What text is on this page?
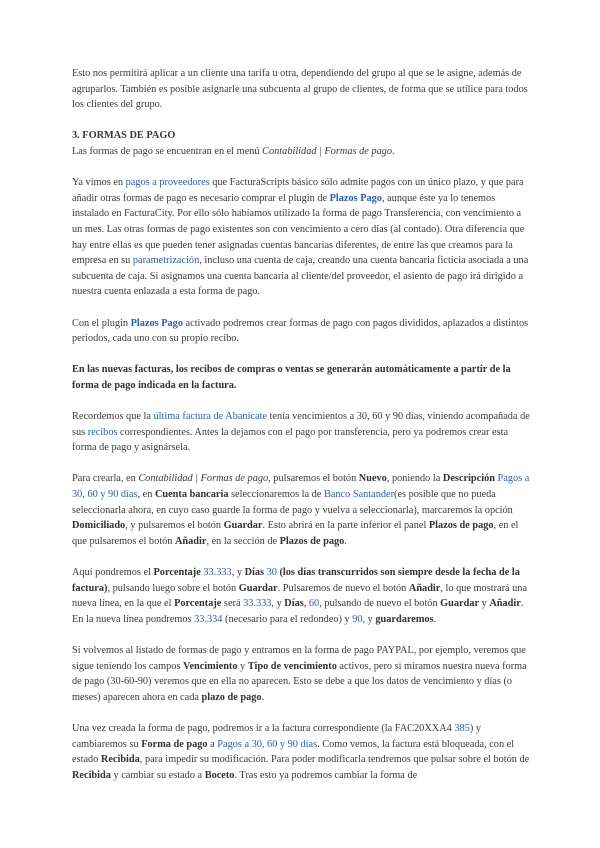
Esto nos permitirá aplicar a un cliente una tarifa u otra, dependiendo del grupo al que se le asigne, además de agruparlos. También es posible asignarle una subcuenta al grupo de clientes, de forma que se utilice para todos los clientes del grupo.

3. FORMAS DE PAGO

Las formas de pago se encuentran en el menú Contabilidad | Formas de pago.

Ya vimos en pagos a proveedores que FacturaScripts básico sólo admite pagos con un único plazo, y que para añadir otras formas de pago es necesario comprar el plugin de Plazos Pago, aunque éste ya lo tenemos instalado en FacturaCity. Por ello sólo habíamos utilizado la forma de pago Transferencia, con vencimiento a un mes. Las otras formas de pago existentes son con vencimiento a cero días (al contado). Otra diferencia que hay entre ellas es que pueden tener asignadas cuentas bancarias diferentes, de entre las que creamos para la empresa en su parametrización, incluso una cuenta de caja, creando una cuenta bancaria ficticia asociada a una subcuenta de caja. Si asignamos una cuenta bancaria al cliente/del proveedor, el asiento de pago irá dirigido a nuestra cuenta enlazada a esta forma de pago.

Con el plugin Plazos Pago activado podremos crear formas de pago con pagos divididos, aplazados a distintos periodos, cada uno con su propio recibo.

En las nuevas facturas, los recibos de compras o ventas se generarán automáticamente a partir de la forma de pago indicada en la factura.

Recordemos que la última factura de Abanicate tenía vencimientos a 30, 60 y 90 días, viniendo acompañada de sus recibos correspondientes. Antes la dejamos con el pago por transferencia, pero ya podremos crear esta forma de pago y asignársela.

Para crearla, en Contabilidad | Formas de pago, pulsaremos el botón Nuevo, poniendo la Descripción Pagos a 30, 60 y 90 días, en Cuenta bancaria seleccionaremos la de Banco Santander(es posible que no pueda seleccionarla ahora, en cuyo caso guarde la forma de pago y vuelva a seleccionarla), marcaremos la opción Domiciliado, y pulsaremos el botón Guardar. Esto abrirá en la parte inferior el panel Plazos de pago, en el que pulsaremos el botón Añadir, en la sección de Plazos de pago.

Aquí pondremos el Porcentaje 33.333, y Días 30 (los días transcurridos son siempre desde la fecha de la factura), pulsando luego sobre el botón Guardar. Pulsaremos de nuevo el botón Añadir, lo que mostrará una nueva línea, en la que el Porcentaje será 33.333, y Días, 60, pulsando de nuevo el botón Guardar y Añadir. En la nueva línea pondremos 33.334 (necesario para el redondeo) y 90, y guardaremos.

Si volvemos al listado de formas de pago y entramos en la forma de pago PAYPAL, por ejemplo, veremos que sigue teniendo los campos Vencimiento y Tipo de vencimiento activos, pero si miramos nuestra nueva forma de pago (30-60-90) veremos que en ella no aparecen. Esto se debe a que los datos de vencimiento y días (o meses) aparecen ahora en cada plazo de pago.

Una vez creada la forma de pago, podremos ir a la factura correspondiente (la FAC20XXA4 385) y cambiaremos su Forma de pago a Pagos a 30, 60 y 90 días. Como vemos, la factura está bloqueada, con el estado Recibida, para impedir su modificación. Para poder modificarla tendremos que pulsar sobre el botón de Recibida y cambiar su estado a Boceto. Tras esto ya podremos cambiar la forma de
